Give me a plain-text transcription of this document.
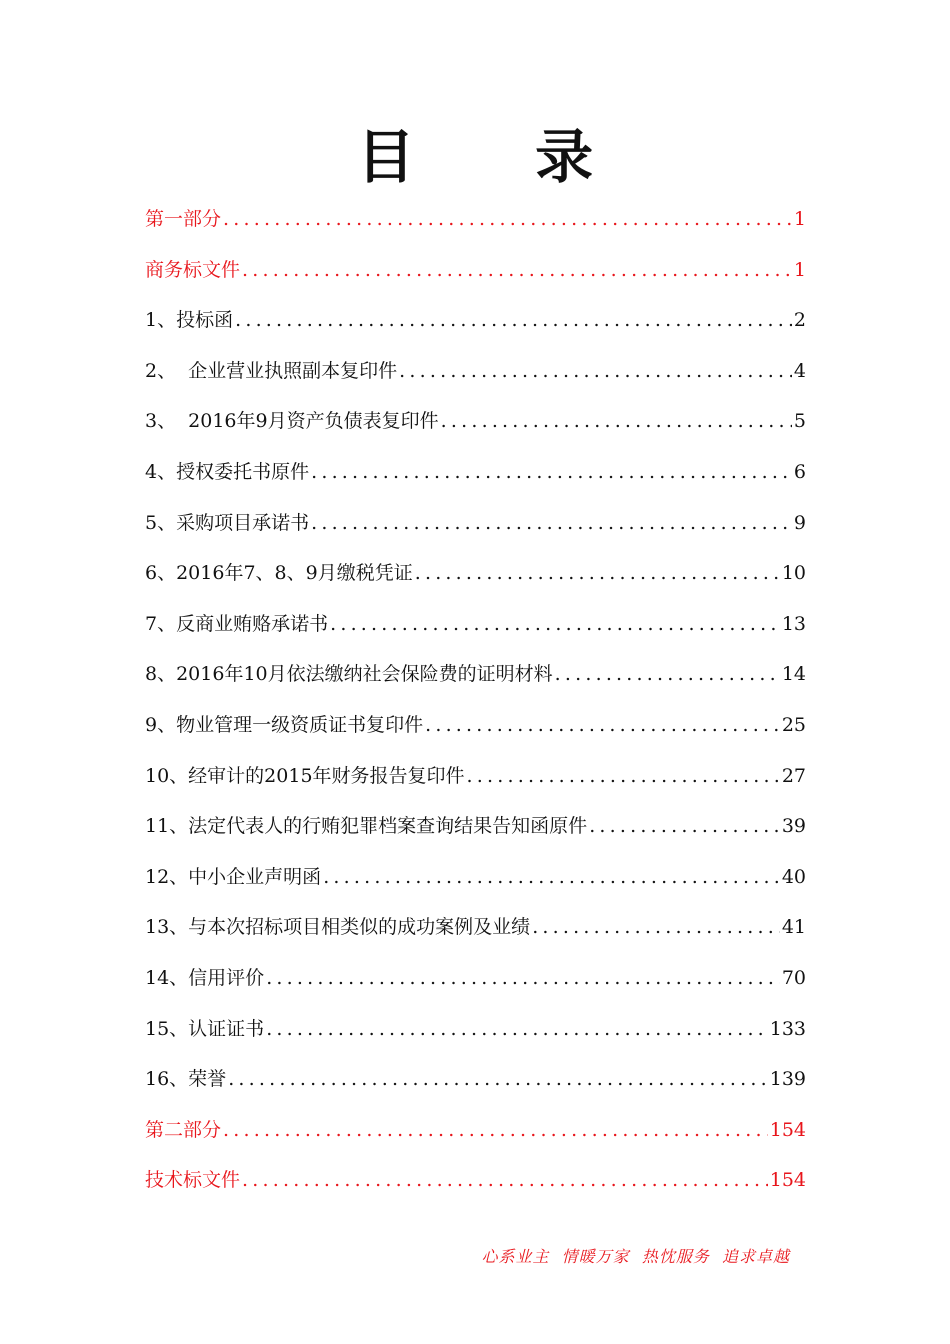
目 录
第一部分 .....	1
商务标文件 .....	1
1、投标函 .....	2
2、  企业营业执照副本复印件 .....	4
3、  2016年9月资产负债表复印件 .....	5
4、授权委托书原件 .....	6
5、采购项目承诺书 .....	9
6、2016年7、8、9月缴税凭证 .....	10
7、反商业贿赂承诺书 .....	13
8、2016年10月依法缴纳社会保险费的证明材料 .....	14
9、物业管理一级资质证书复印件 .....	25
10、经审计的2015年财务报告复印件 .....	27
11、法定代表人的行贿犯罪档案查询结果告知函原件 .....	39
12、中小企业声明函 .....	40
13、与本次招标项目相类似的成功案例及业绩 .....	41
14、信用评价 .....	70
15、认证证书 .....	133
16、荣誉 .....	139
第二部分 .....	154
技术标文件 .....	154
心系业主  情暖万家  热忱服务  追求卓越
